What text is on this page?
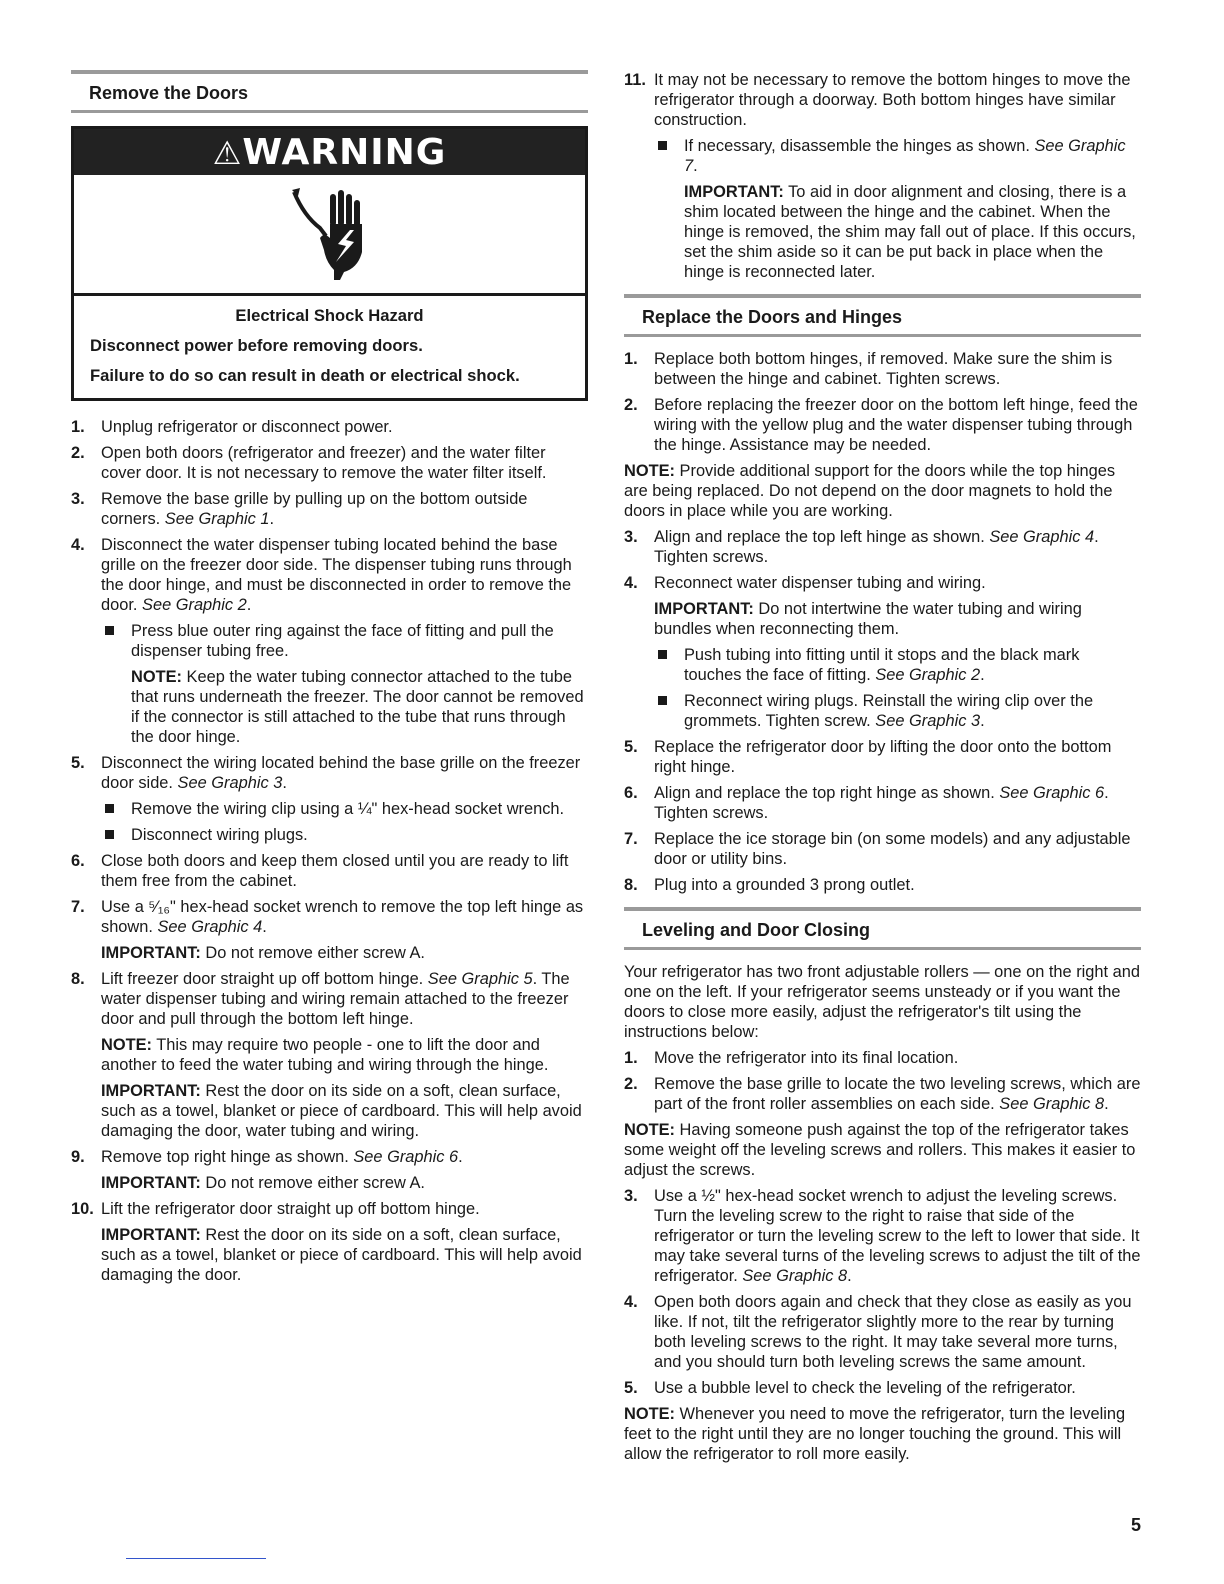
Remove the Doors
⚠WARNING
Electrical Shock Hazard

Disconnect power before removing doors.

Failure to do so can result in death or electrical shock.

1. Unplug refrigerator or disconnect power.
2. Open both doors (refrigerator and freezer) and the water filter cover door. It is not necessary to remove the water filter itself.
3. Remove the base grille by pulling up on the bottom outside corners. See Graphic 1.
4. Disconnect the water dispenser tubing located behind the base grille on the freezer door side. The dispenser tubing runs through the door hinge, and must be disconnected in order to remove the door. See Graphic 2.
Press blue outer ring against the face of fitting and pull the dispenser tubing free.
NOTE: Keep the water tubing connector attached to the tube that runs underneath the freezer. The door cannot be removed if the connector is still attached to the tube that runs through the door hinge.
5. Disconnect the wiring located behind the base grille on the freezer door side. See Graphic 3.
Remove the wiring clip using a ¼" hex-head socket wrench.
Disconnect wiring plugs.
6. Close both doors and keep them closed until you are ready to lift them free from the cabinet.
7. Use a ⁵⁄₁₆" hex-head socket wrench to remove the top left hinge as shown. See Graphic 4.
IMPORTANT: Do not remove either screw A.
8. Lift freezer door straight up off bottom hinge. See Graphic 5. The water dispenser tubing and wiring remain attached to the freezer door and pull through the bottom left hinge.
NOTE: This may require two people - one to lift the door and another to feed the water tubing and wiring through the hinge.
IMPORTANT: Rest the door on its side on a soft, clean surface, such as a towel, blanket or piece of cardboard. This will help avoid damaging the door, water tubing and wiring.
9. Remove top right hinge as shown. See Graphic 6.
IMPORTANT: Do not remove either screw A.
10. Lift the refrigerator door straight up off bottom hinge.
IMPORTANT: Rest the door on its side on a soft, clean surface, such as a towel, blanket or piece of cardboard. This will help avoid damaging the door.
11. It may not be necessary to remove the bottom hinges to move the refrigerator through a doorway. Both bottom hinges have similar construction.
If necessary, disassemble the hinges as shown. See Graphic 7.
IMPORTANT: To aid in door alignment and closing, there is a shim located between the hinge and the cabinet. When the hinge is removed, the shim may fall out of place. If this occurs, set the shim aside so it can be put back in place when the hinge is reconnected later.
Replace the Doors and Hinges
1. Replace both bottom hinges, if removed. Make sure the shim is between the hinge and cabinet. Tighten screws.
2. Before replacing the freezer door on the bottom left hinge, feed the wiring with the yellow plug and the water dispenser tubing through the hinge. Assistance may be needed.

NOTE: Provide additional support for the doors while the top hinges are being replaced. Do not depend on the door magnets to hold the doors in place while you are working.

3. Align and replace the top left hinge as shown. See Graphic 4. Tighten screws.
4. Reconnect water dispenser tubing and wiring.
IMPORTANT: Do not intertwine the water tubing and wiring bundles when reconnecting them.
Push tubing into fitting until it stops and the black mark touches the face of fitting. See Graphic 2.
Reconnect wiring plugs. Reinstall the wiring clip over the grommets. Tighten screw. See Graphic 3.
5. Replace the refrigerator door by lifting the door onto the bottom right hinge.
6. Align and replace the top right hinge as shown. See Graphic 6. Tighten screws.
7. Replace the ice storage bin (on some models) and any adjustable door or utility bins.
8. Plug into a grounded 3 prong outlet.
Leveling and Door Closing

Your refrigerator has two front adjustable rollers — one on the right and one on the left. If your refrigerator seems unsteady or if you want the doors to close more easily, adjust the refrigerator's tilt using the instructions below:

1. Move the refrigerator into its final location.
2. Remove the base grille to locate the two leveling screws, which are part of the front roller assemblies on each side. See Graphic 8.

NOTE: Having someone push against the top of the refrigerator takes some weight off the leveling screws and rollers. This makes it easier to adjust the screws.

3. Use a ½" hex-head socket wrench to adjust the leveling screws. Turn the leveling screw to the right to raise that side of the refrigerator or turn the leveling screw to the left to lower that side. It may take several turns of the leveling screws to adjust the tilt of the refrigerator. See Graphic 8.
4. Open both doors again and check that they close as easily as you like. If not, tilt the refrigerator slightly more to the rear by turning both leveling screws to the right. It may take several more turns, and you should turn both leveling screws the same amount.
5. Use a bubble level to check the leveling of the refrigerator.

NOTE: Whenever you need to move the refrigerator, turn the leveling feet to the right until they are no longer touching the ground. This will allow the refrigerator to roll more easily.

5
